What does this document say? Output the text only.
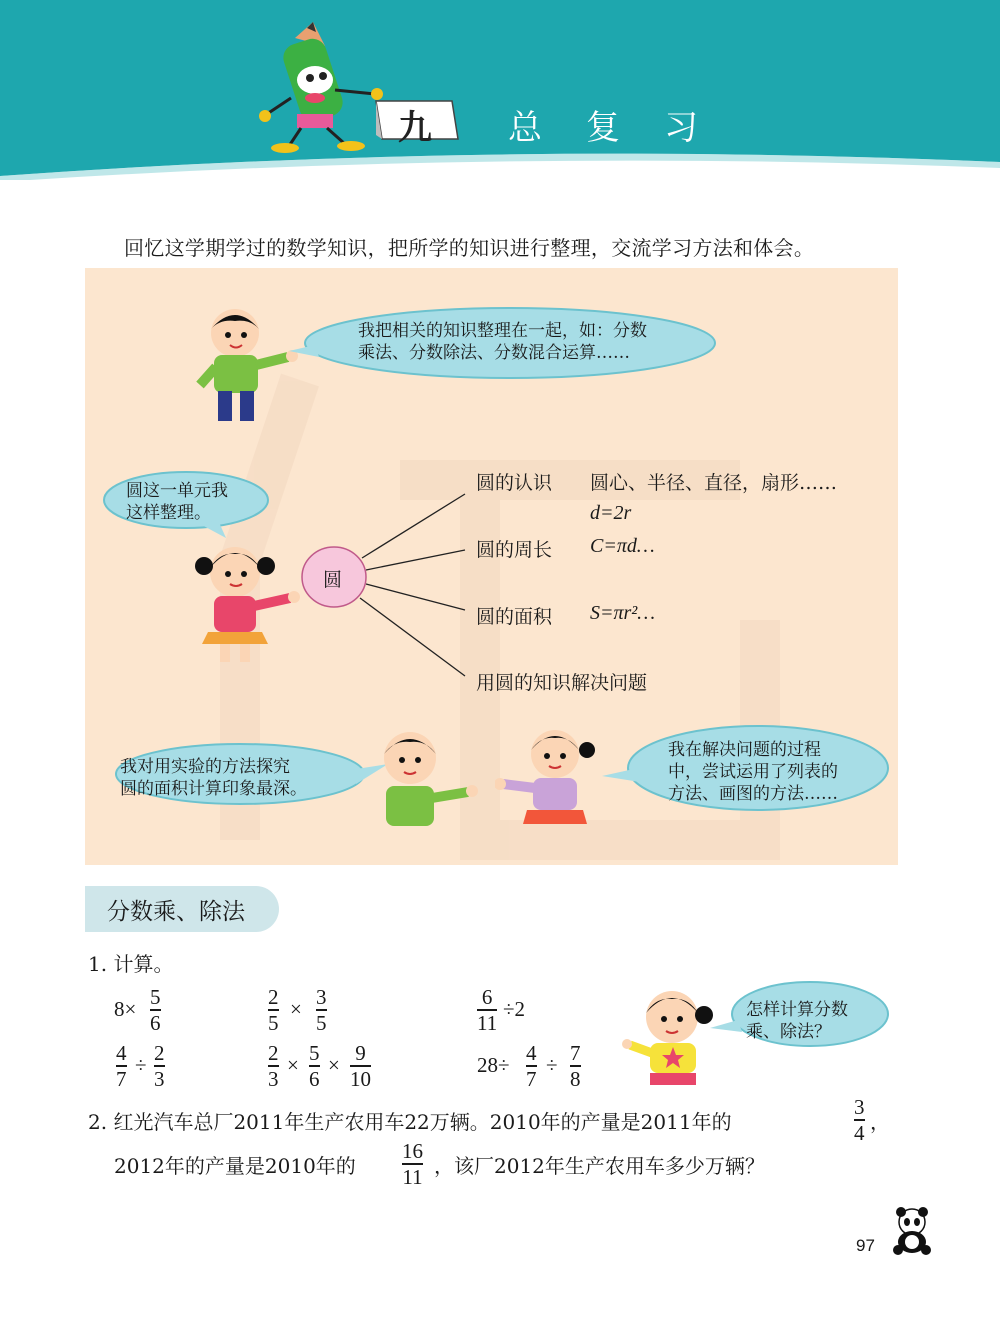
九 总复习
回忆这学期学过的数学知识，把所学的知识进行整理，交流学习方法和体会。
我把相关的知识整理在一起，如：分数
乘法、分数除法、分数混合运算……
圆这一单元我
这样整理。
圆
圆的认识 圆心、半径、直径，扇形……
d=2r
圆的周长 C=πd…
圆的面积 S=πr²…
用圆的知识解决问题
我对用实验的方法探究
圆的面积计算印象最深。
我在解决问题的过程
中，尝试运用了列表的
方法、画图的方法……
分数乘、除法
1. 计算。
8× 5
6
2
5
× 3
5
6
11
÷2
4
7
÷ 2
3
2
3
× 5
6
× 9
10
28÷ 4
7
÷ 7
8
怎样计算分数
乘、除法？
2. 红光汽车总厂2011年生产农用车22万辆。2010年的产量是2011年的
3
4 ，
2012年的产量是2010年的
16
11 ，该厂2012年生产农用车多少万辆？
97
